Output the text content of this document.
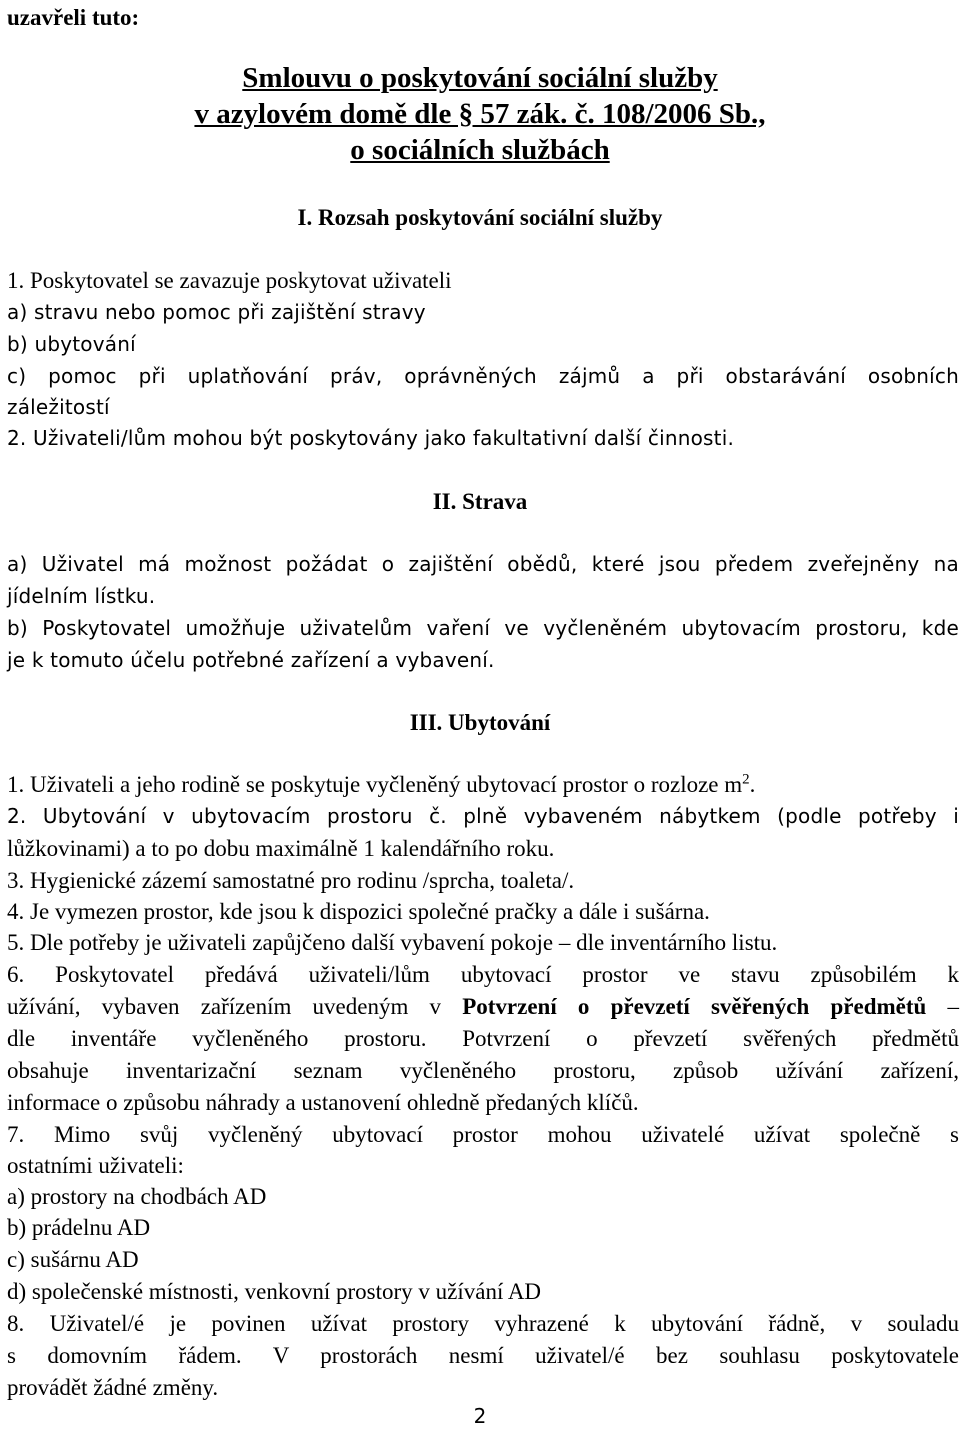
uzavřeli tuto:
Smlouvu o poskytování sociální služby
v azylovém domě dle § 57 zák. č. 108/2006 Sb.,
o sociálních službách
I. Rozsah poskytování sociální služby
1. Poskytovatel se zavazuje poskytovat uživateli
a) stravu nebo pomoc při zajištění stravy
b) ubytování
c) pomoc při uplatňování práv, oprávněných zájmů a při obstarávání osobních
záležitostí
2. Uživateli/lům mohou být poskytovány jako fakultativní další činnosti.
II. Strava
a) Uživatel má možnost požádat o zajištění obědů, které jsou předem zveřejněny na
jídelním lístku.
b) Poskytovatel umožňuje uživatelům vaření ve vyčleněném ubytovacím prostoru, kde
je k tomuto účelu potřebné zařízení a vybavení.
III. Ubytování
1. Uživateli a jeho rodině se poskytuje vyčleněný ubytovací prostor o rozloze $m^2$.
2. Ubytování v ubytovacím prostoru č. plně vybaveném nábytkem (podle potřeby i
lůžkovinami) a to po dobu maximálně 1 kalendářního roku.
3. Hygienické zázemí samostatné pro rodinu /sprcha, toaleta/.
4. Je vymezen prostor, kde jsou k dispozici společné pračky a dále i sušárna.
5. Dle potřeby je uživateli zapůjčeno další vybavení pokoje – dle inventárního listu.
6. Poskytovatel předává uživateli/lům ubytovací prostor ve stavu způsobilém k
užívání, vybaven zařízením uvedeným v Potvrzení o převzetí svěřených předmětů –
dle inventáře vyčleněného prostoru. Potvrzení o převzetí svěřených předmětů
obsahuje inventarizační seznam vyčleněného prostoru, způsob užívání zařízení,
informace o způsobu náhrady a ustanovení ohledně předaných klíčů.
7. Mimo svůj vyčleněný ubytovací prostor mohou uživatelé užívat společně s
ostatními uživateli:
a) prostory na chodbách AD
b) prádelnu AD
c) sušárnu AD
d) společenské místnosti, venkovní prostory v užívání AD
8. Uživatel/é je povinen užívat prostory vyhrazené k ubytování řádně, v souladu
s domovním řádem. V prostorách nesmí uživatel/é bez souhlasu poskytovatele
provádět žádné změny.
2
